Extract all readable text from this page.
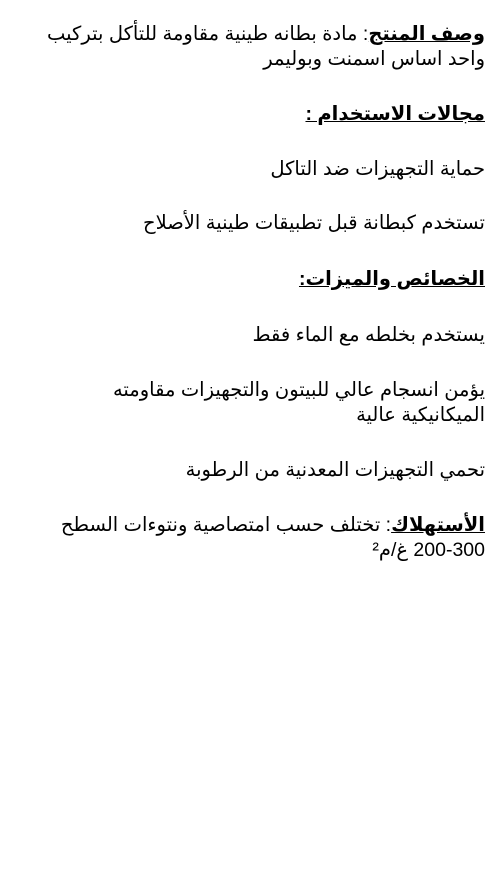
وصف المنتج: مادة بطانه طينية مقاومة للتأكل بتركيب واحد اساس اسمنت وبوليمر

مجالات الاستخدام :

حماية التجهيزات ضد التاكل

تستخدم كبطانة قبل تطبيقات طينية الأصلاح

الخصائص والميزات:

يستخدم بخلطه مع الماء فقط

يؤمن انسجام عالي للبيتون والتجهيزات مقاومته الميكانيكية عالية

تحمي التجهيزات المعدنية من الرطوبة

الأستهلاك: تختلف حسب امتصاصية ونتوءات السطح
200-300 غ/م²
